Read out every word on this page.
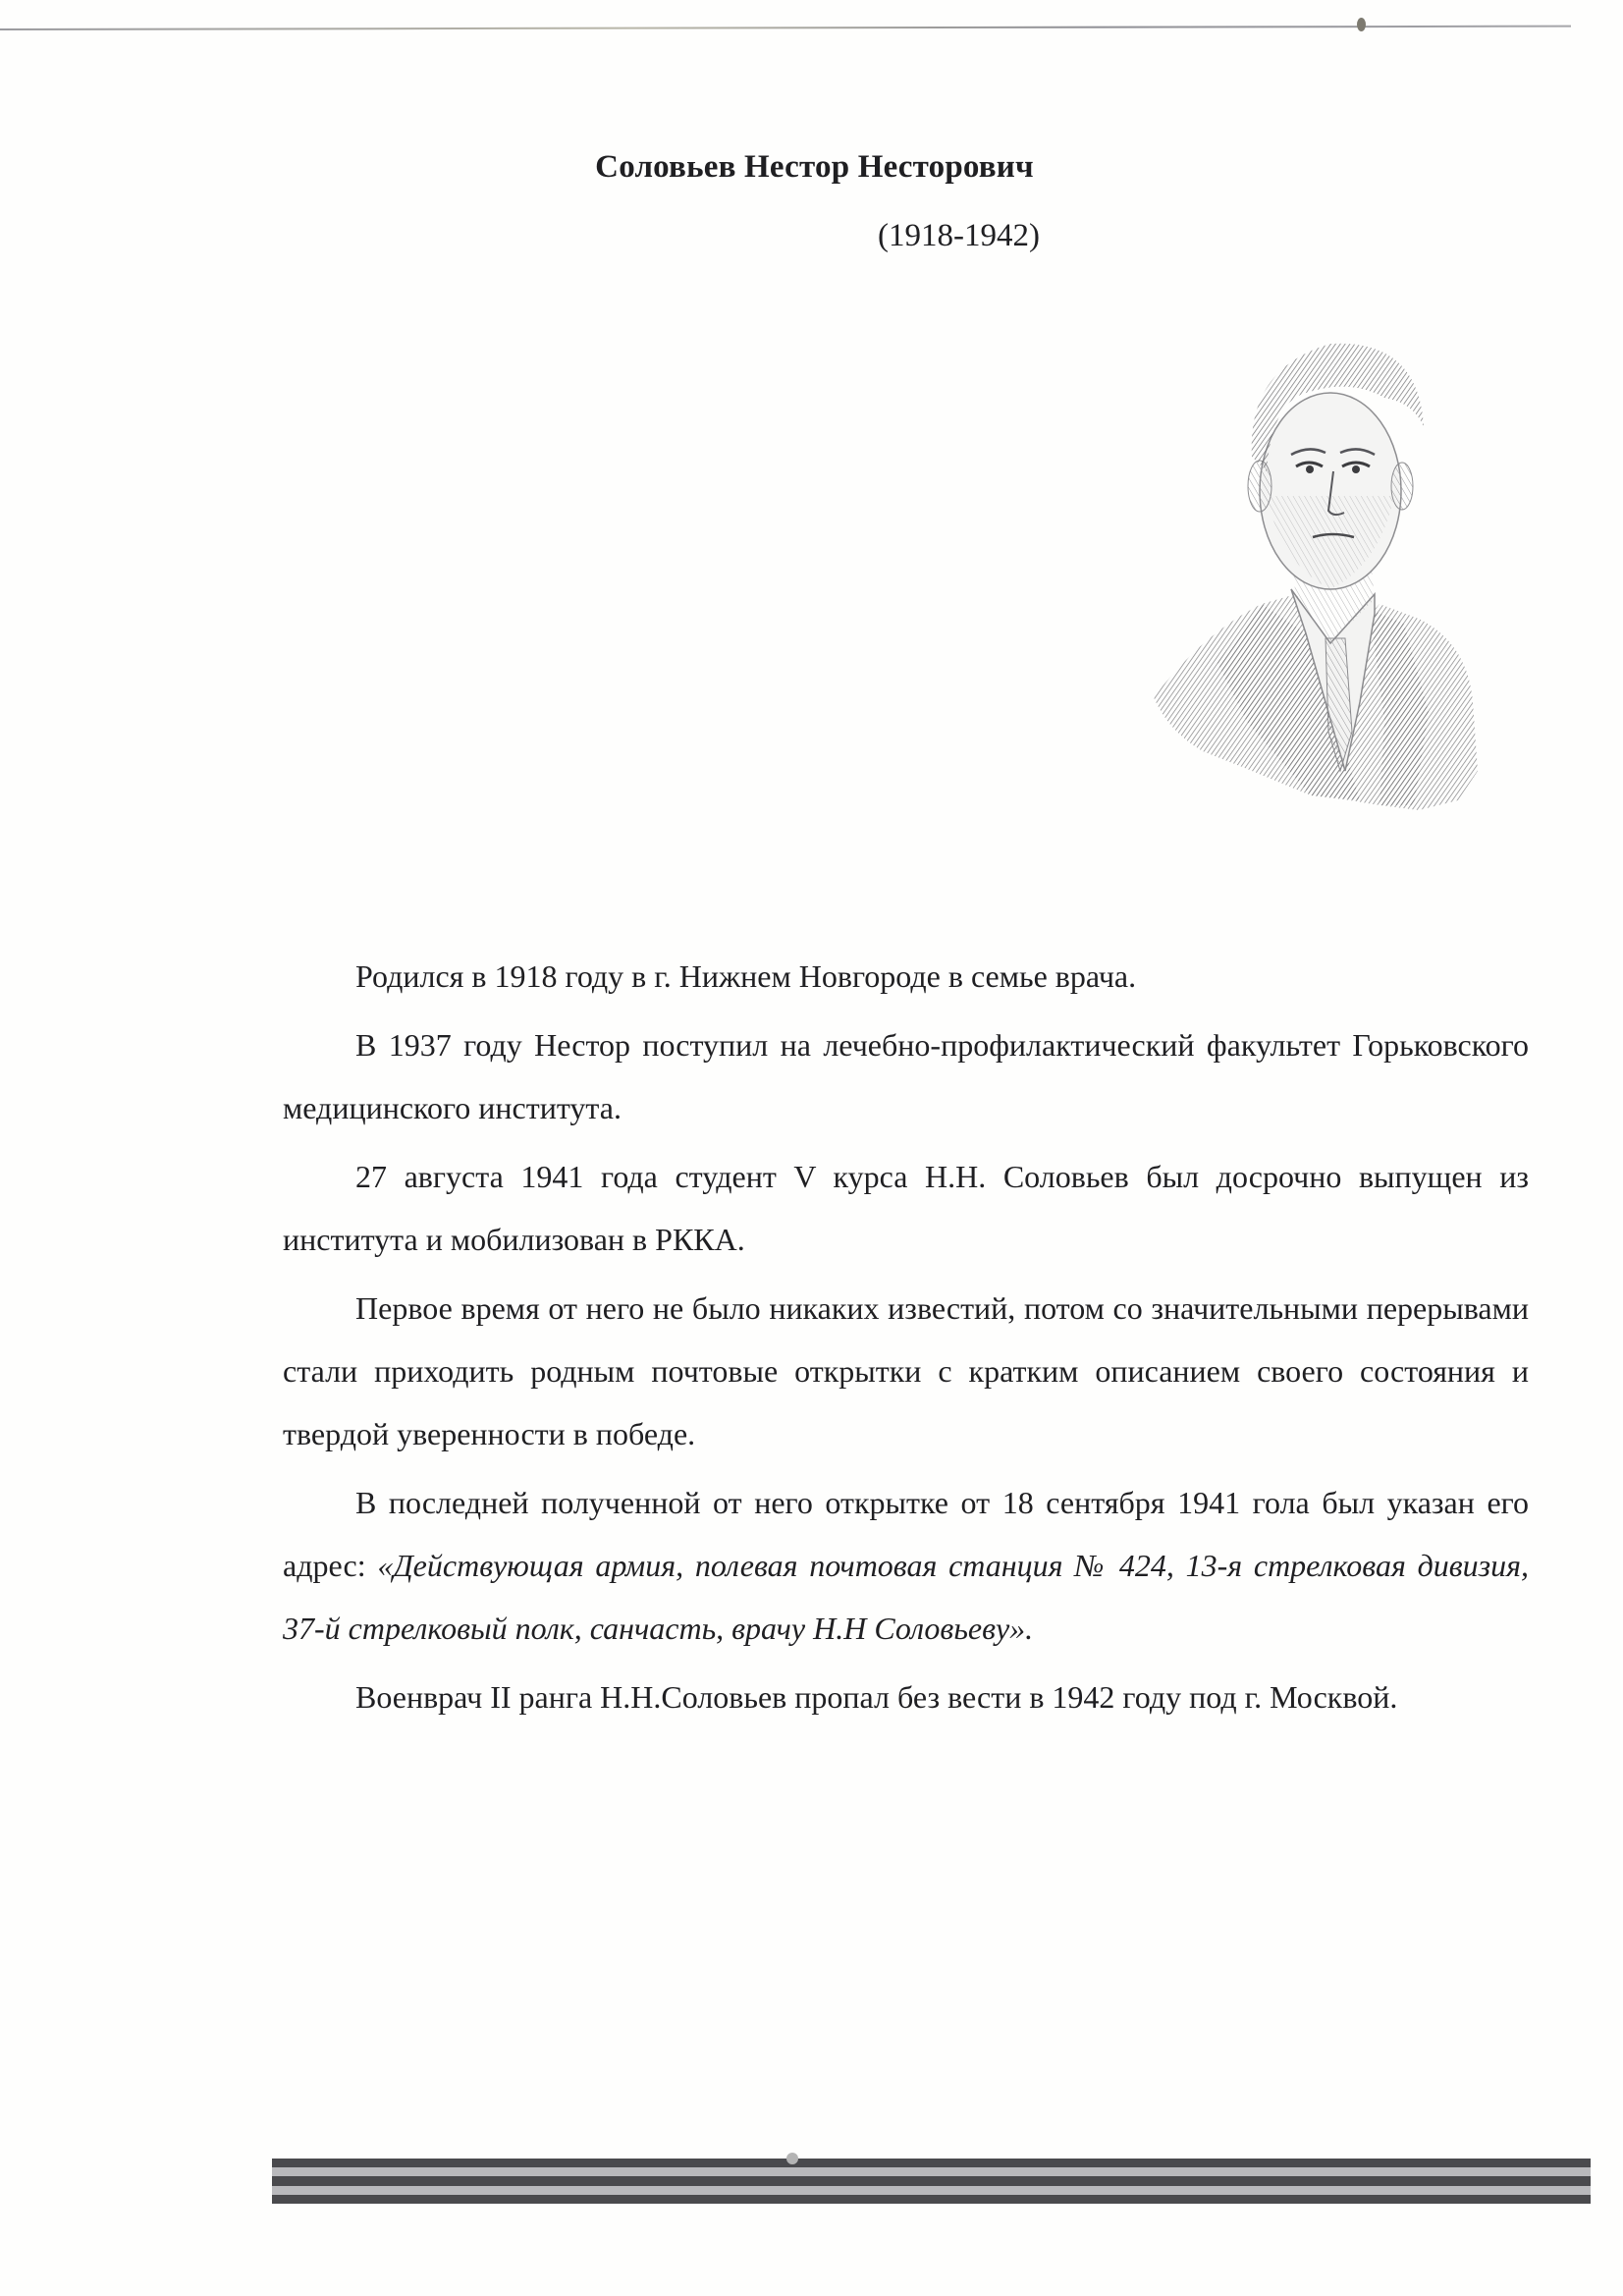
Соловьев Нестор Несторович
(1918-1942)

Родился в 1918 году в г. Нижнем Новгороде в семье врача.

В 1937 году Нестор поступил на лечебно-профилактический факультет Горьковского медицинского института.

27 августа 1941 года студент V курса Н.Н. Соловьев был досрочно выпущен из института и мобилизован в РККА.

Первое время от него не было никаких известий, потом со значительными перерывами стали приходить родным почтовые открытки с кратким описанием своего состояния и твердой уверенности в победе.

В последней полученной от него открытке от 18 сентября 1941 гола был указан его адрес: «Действующая армия, полевая почтовая станция № 424, 13-я стрелковая дивизия, 37-й стрелковый полк, санчасть, врачу Н.Н Соловьеву».

Военврач II ранга Н.Н.Соловьев пропал без вести в 1942 году под г. Москвой.
